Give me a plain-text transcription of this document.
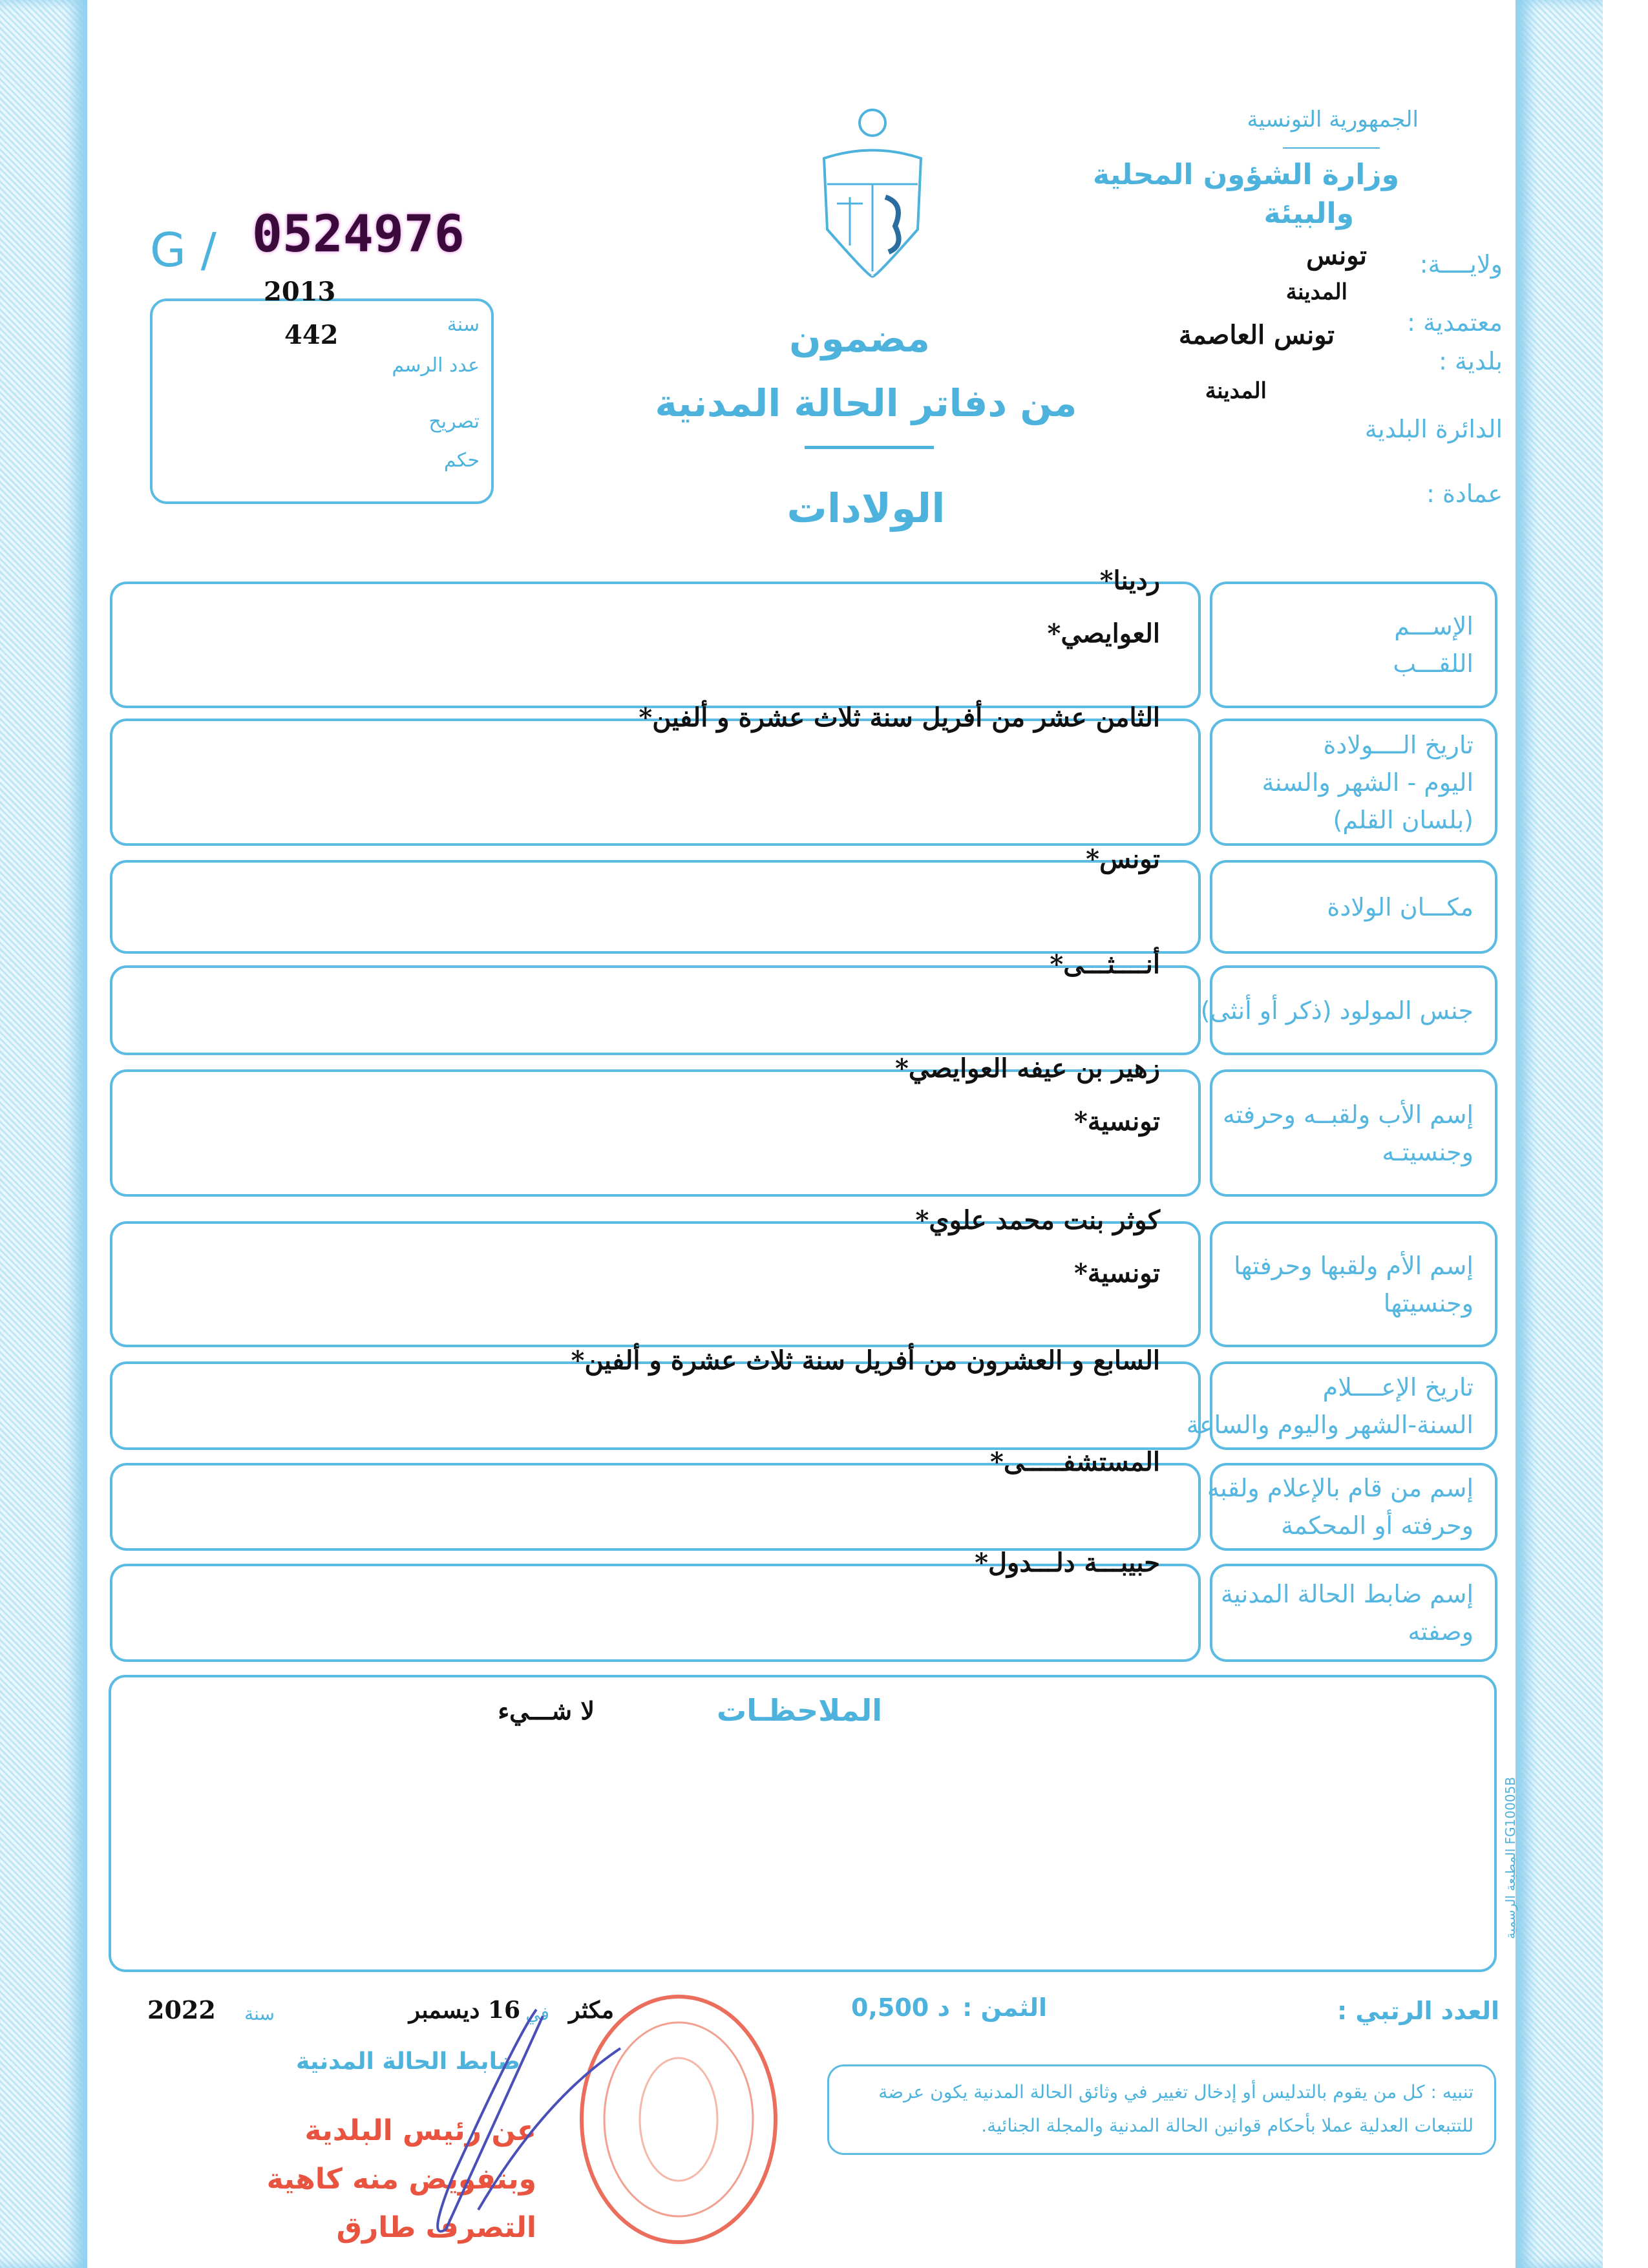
الجمهورية التونسية
وزارة الشؤون المحلية
والبيئة
ولايــــة:
تونس
معتمدية :
المدينة
بلدية :
تونس العاصمة
الدائرة البلدية
المدينة
عمادة :
G / 0524976
2013
سنة
442
عدد الرسم
تصريح
حكم
مضمون
من دفاتر الحالة المدنية
الولادات
الإســـم
اللقـــب
ردينا*
العوايصي*
تاريخ الــــولادة
اليوم - الشهر والسنة
(بلسان القلم)
الثامن عشر من أفريل سنة ثلاث عشرة و ألفين*
مكـــان الولادة
تونس*
جنس المولود (ذكر أو أنثى)
أنــــثـــى*
إسم الأب ولقبــه وحرفته
وجنسيتـه
زهير بن عيفه العوايصي*
تونسية*
إسم الأم ولقبها وحرفتها
وجنسيتها
كوثر بنت محمد علوي*
تونسية*
تاريخ الإعــــلام
السنة-الشهر واليوم والساعة
السابع و العشرون من أفريل سنة ثلاث عشرة و ألفين*
إسم من قام بالإعلام ولقبه
وحرفته أو المحكمة
المستشفـــــى*
إسم ضابط الحالة المدنية
وصفته
حبيبـــة دلـــدول*
الملاحظـات
لا شـــيء
المطبعة الرسمية FG10005B
العدد الرتبي :
الثمن :
0,500 د
مكثر
في
16 ديسمبر
سنة
2022
ضابط الحالة المدنية
تنبيه : كل من يقوم بالتدليس أو إدخال تغيير في وثائق الحالة المدنية يكون عرضة للتتبعات العدلية عملا بأحكام قوانين الحالة المدنية والمجلة الجنائية.
عن رئيس البلدية وبتفويض منه كاهية التصرف طارق
